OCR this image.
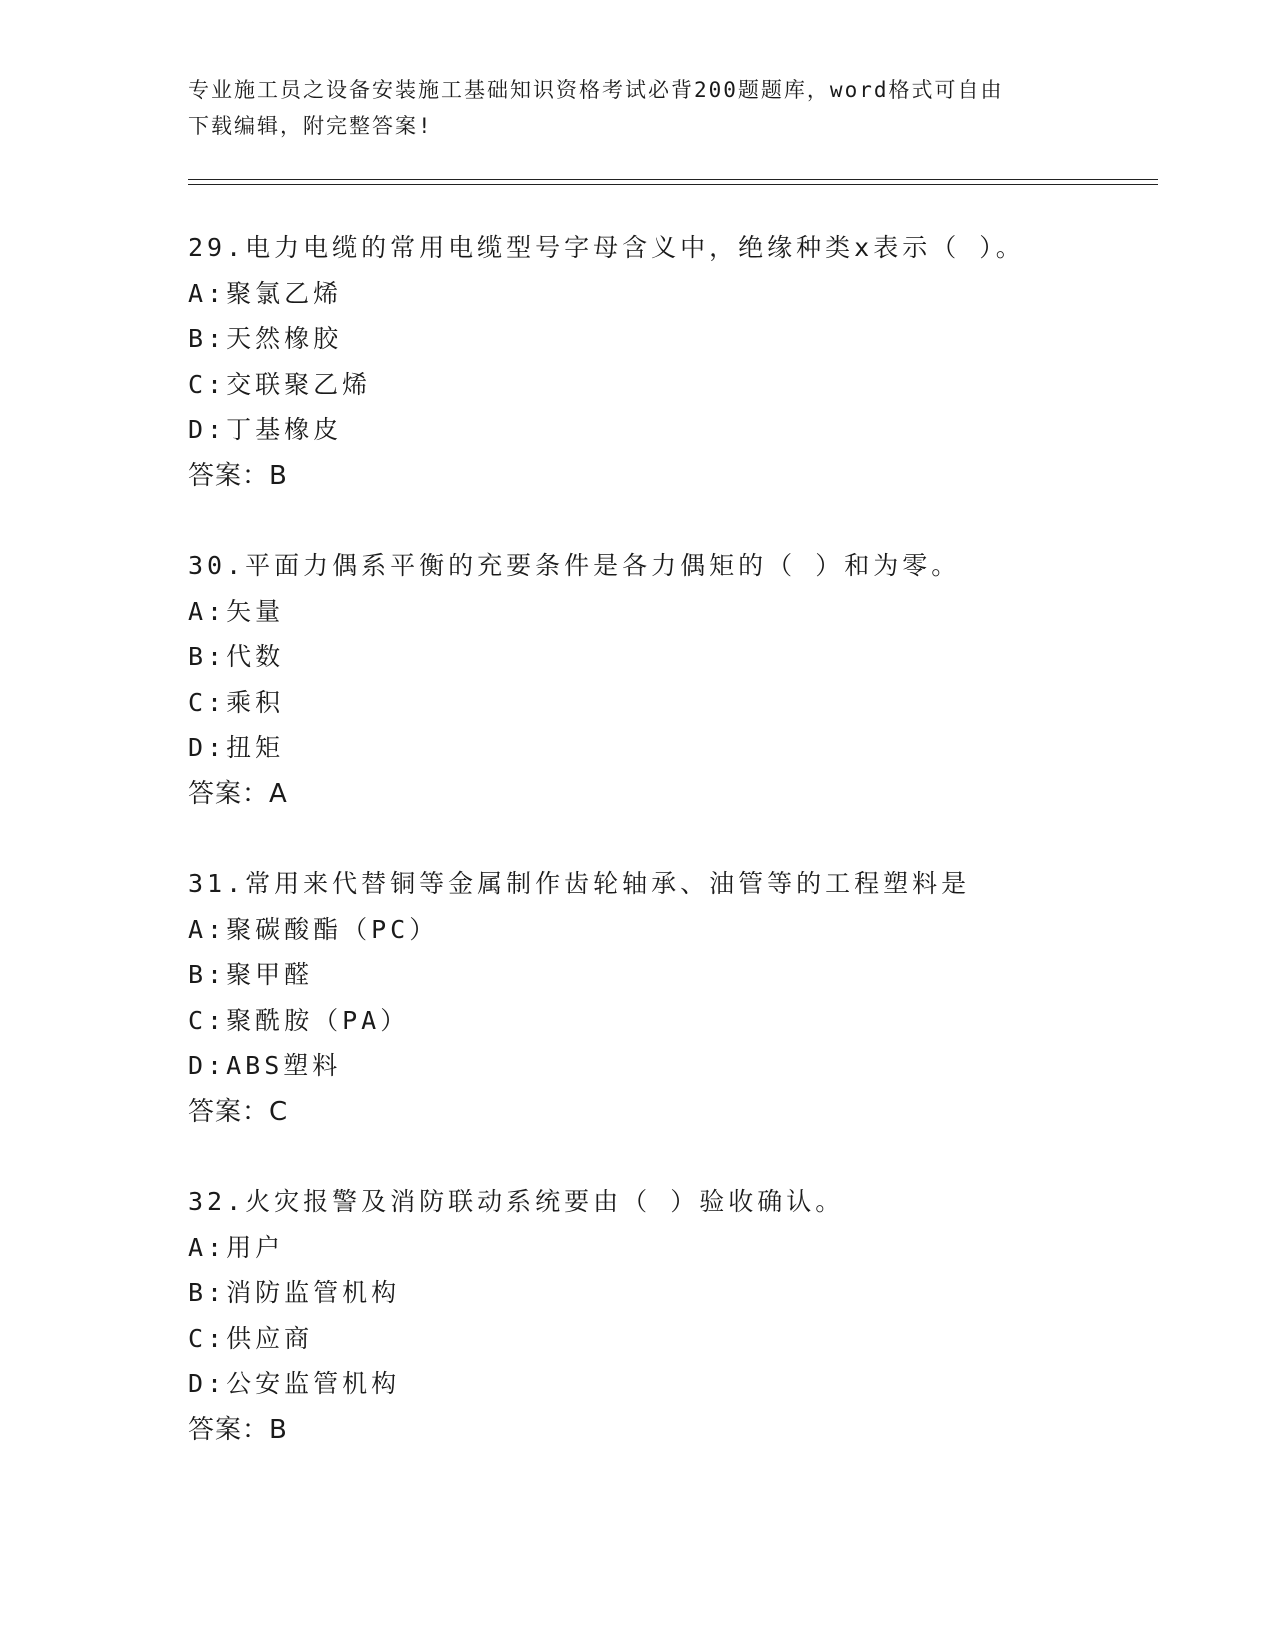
专业施工员之设备安装施工基础知识资格考试必背200题题库，word格式可自由
下载编辑，附完整答案!
29.电力电缆的常用电缆型号字母含义中，绝缘种类x表示（ ）。
A:聚氯乙烯
B:天然橡胶
C:交联聚乙烯
D:丁基橡皮
答案：B
30.平面力偶系平衡的充要条件是各力偶矩的（ ）和为零。
A:矢量
B:代数
C:乘积
D:扭矩
答案：A
31.常用来代替铜等金属制作齿轮轴承、油管等的工程塑料是
A:聚碳酸酯（PC）
B:聚甲醛
C:聚酰胺（PA）
D:ABS塑料
答案：C
32.火灾报警及消防联动系统要由（ ）验收确认。
A:用户
B:消防监管机构
C:供应商
D:公安监管机构
答案：B
